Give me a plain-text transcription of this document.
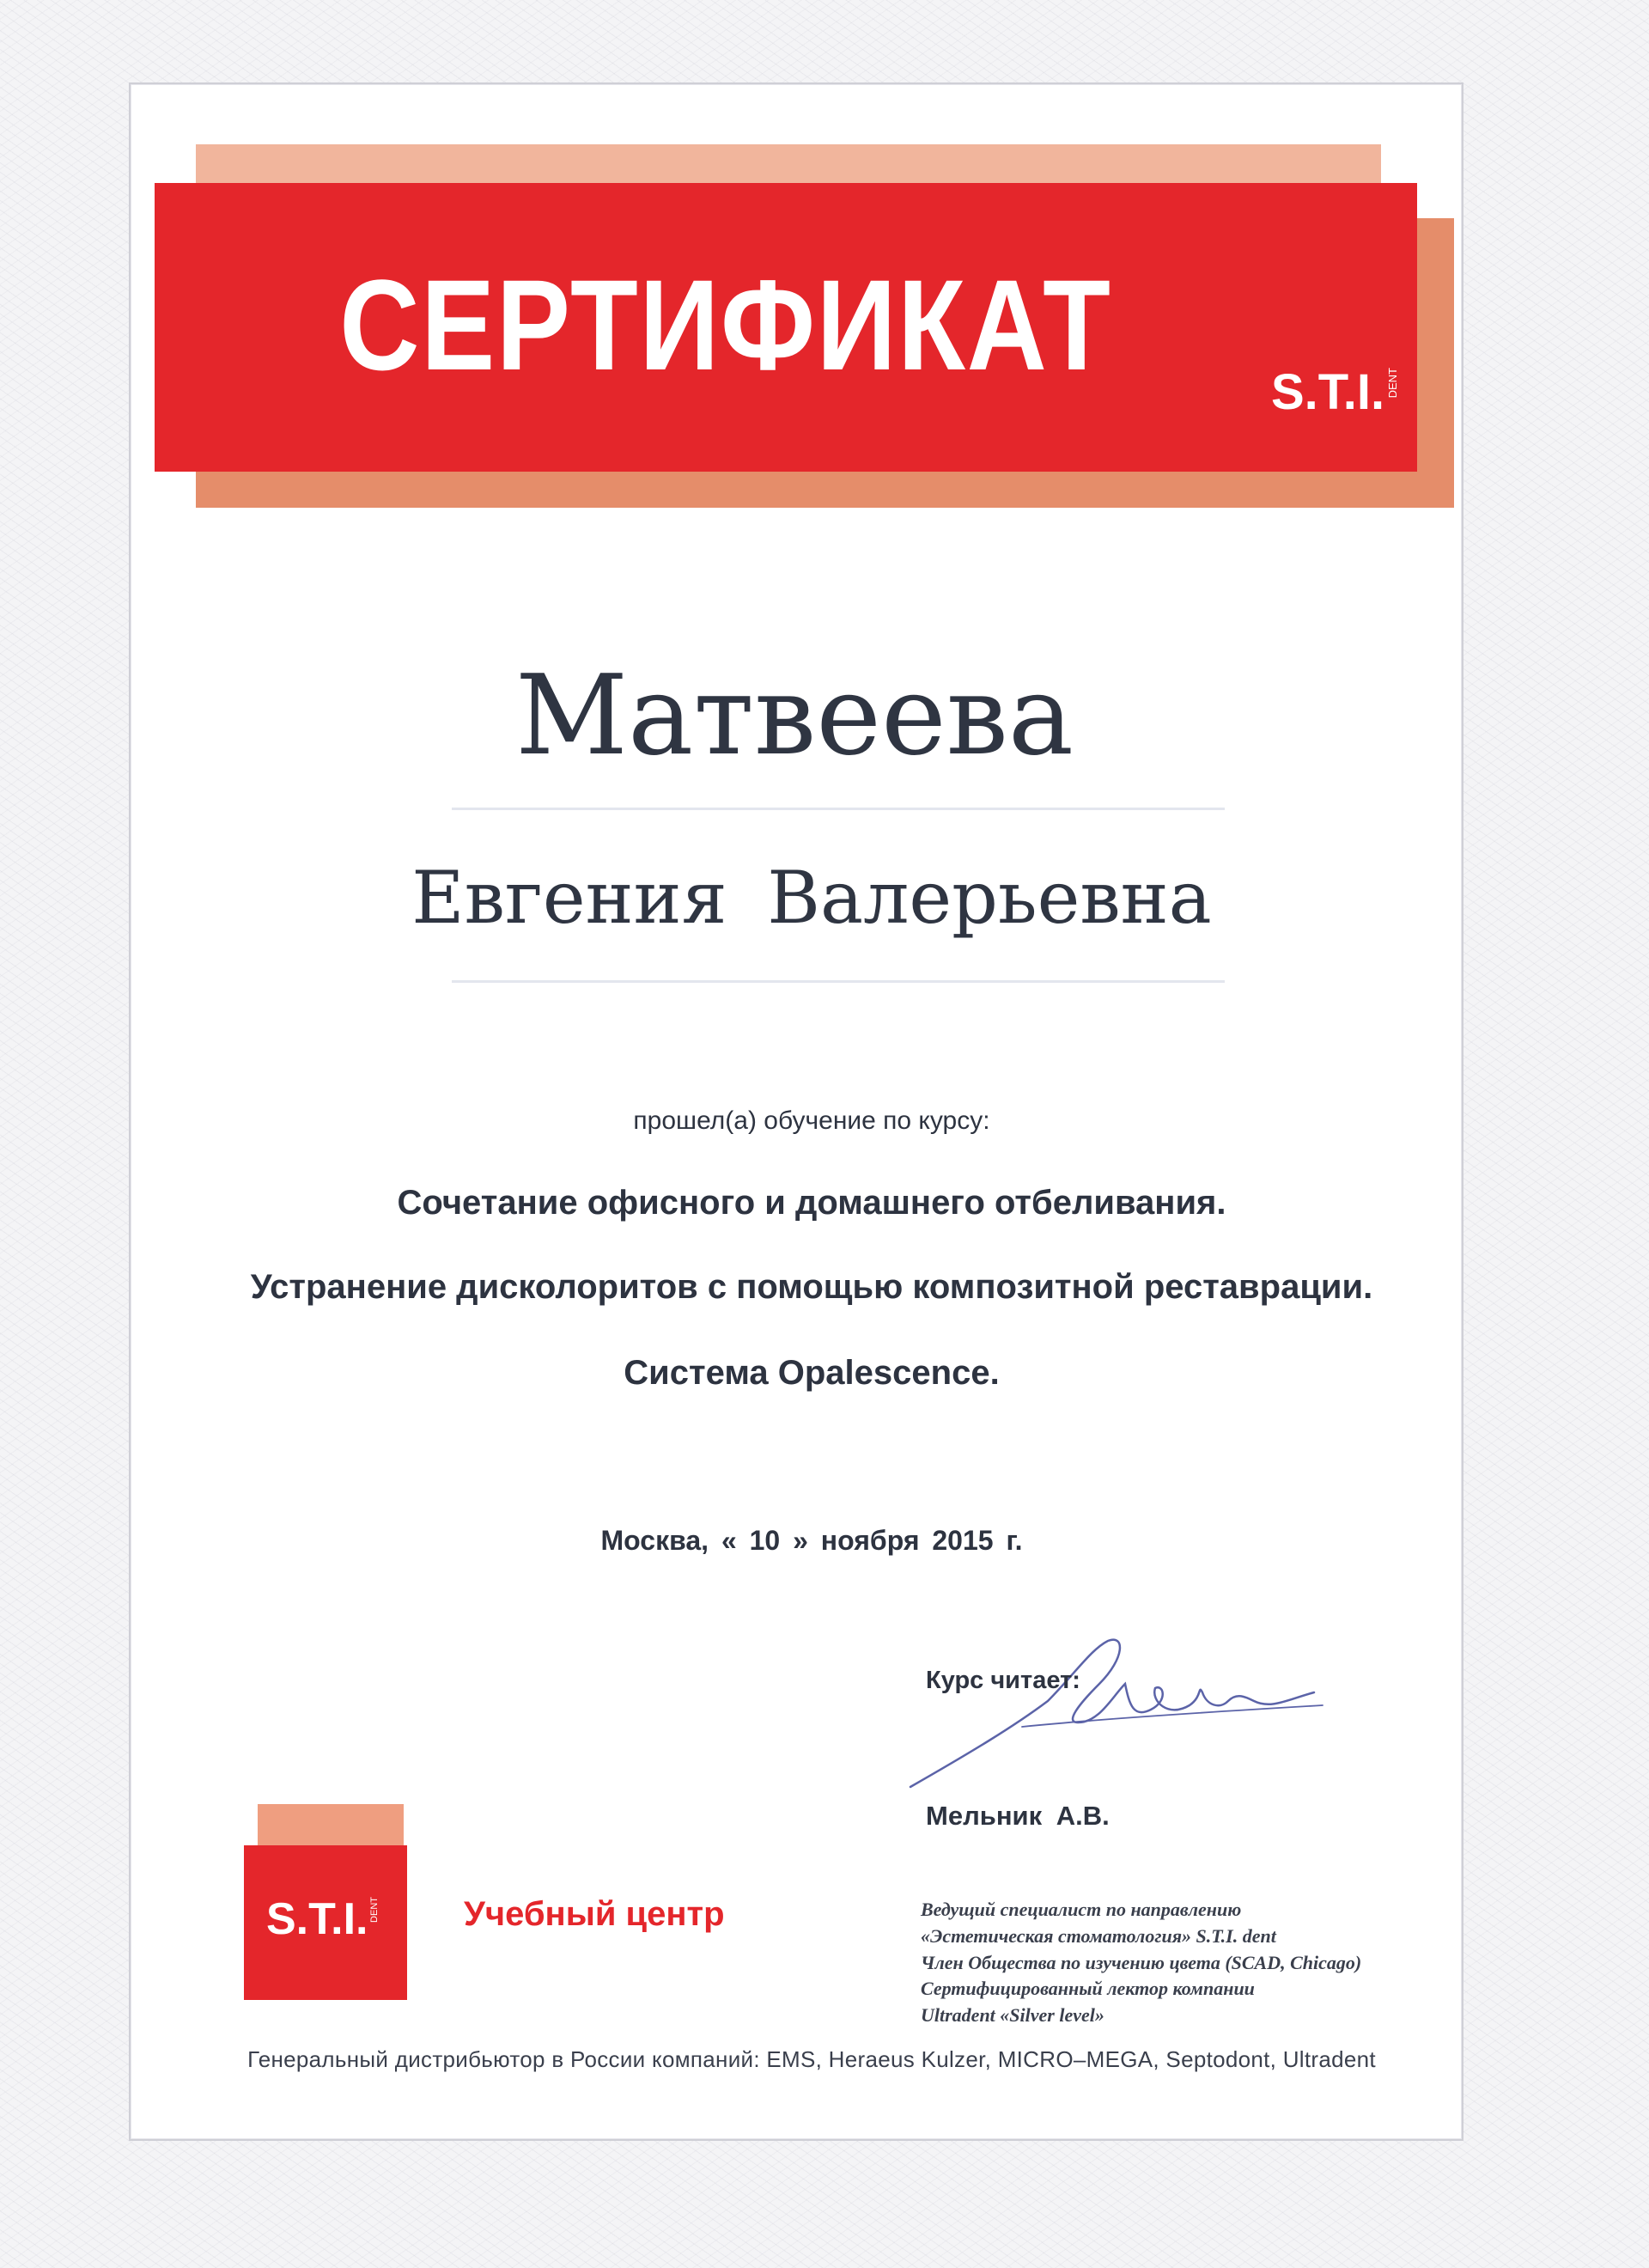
СЕРТИФИКАТ	S.T.I. DENT
Матвеева
Евгения Валерьевна
прошел(а) обучение по курсу:
Сочетание офисного и домашнего отбеливания.
Устранение дисколоритов с помощью композитной реставрации.
Система Opalescence.
Москва, « 10 » ноября 2015 г.
Курс читает:
Мельник А.В.
S.T.I. DENT Учебный центр	Ведущий специалист по направлению
«Эстетическая стоматология» S.T.I. dent
Член Общества по изучению цвета (SCAD, Chicago)
Сертифицированный лектор компании
Ultradent «Silver level»
Генеральный дистрибьютор в России компаний: EMS, Heraeus Kulzer, MICRO–MEGA, Septodont, Ultradent
